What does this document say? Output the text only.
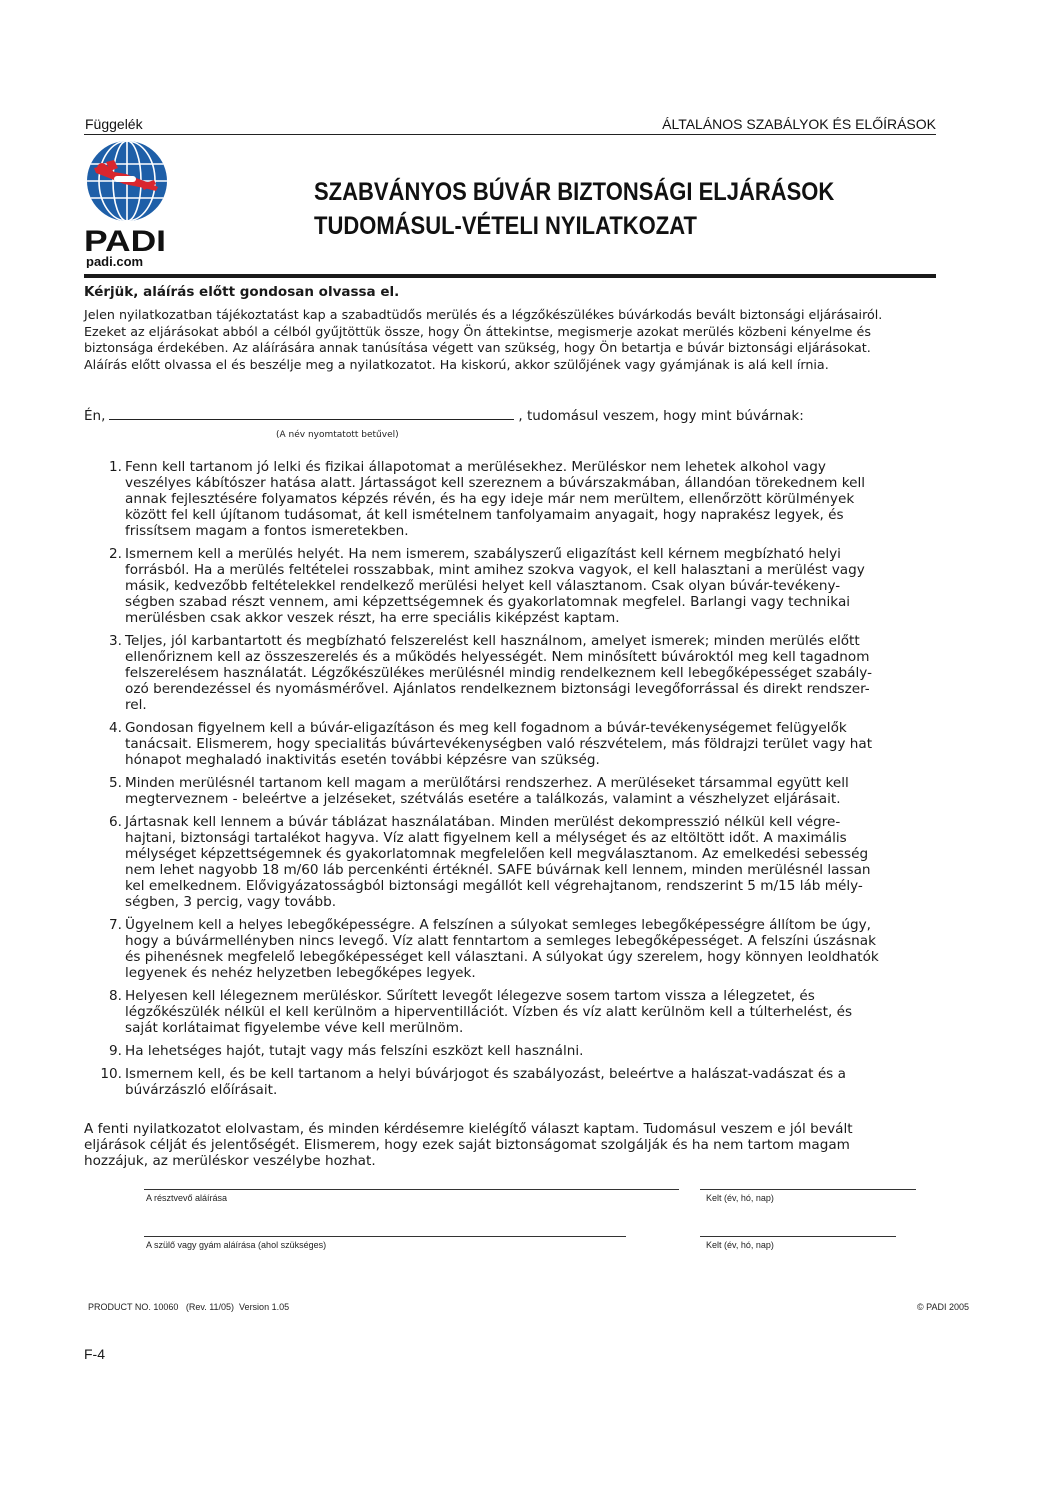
Függelék	ÁLTALÁNOS SZABÁLYOK ÉS ELŐÍRÁSOK
PADI
padi.com
SZABVÁNYOS BÚVÁR BIZTONSÁGI ELJÁRÁSOK
TUDOMÁSUL-VÉTELI NYILATKOZAT
Kérjük, aláírás előtt gondosan olvassa el.

Jelen nyilatkozatban tájékoztatást kap a szabadtüdős merülés és a légzőkészülékes búvárkodás bevált biztonsági eljárásairól.

Ezeket az eljárásokat abból a célból gyűjtöttük össze, hogy Ön áttekintse, megismerje azokat merülés közbeni kényelme és

biztonsága érdekében. Az aláírására annak tanúsítása végett van szükség, hogy Ön betartja e búvár biztonsági eljárásokat.

Aláírás előtt olvassa el és beszélje meg a nyilatkozatot. Ha kiskorú, akkor szülőjének vagy gyámjának is alá kell írnia.

Én,	, tudomásul veszem, hogy mint búvárnak:
(A név nyomtatott betűvel)
1. Fenn kell tartanom jó lelki és fizikai állapotomat a merülésekhez. Merüléskor nem lehetek alkohol vagy
veszélyes kábítószer hatása alatt. Jártasságot kell szereznem a búvárszakmában, állandóan törekednem kell
annak fejlesztésére folyamatos képzés révén, és ha egy ideje már nem merültem, ellenőrzött körülmények
között fel kell újítanom tudásomat, át kell ismételnem tanfolyamaim anyagait, hogy naprakész legyek, és
frissítsem magam a fontos ismeretekben.
2. Ismernem kell a merülés helyét. Ha nem ismerem, szabályszerű eligazítást kell kérnem megbízható helyi
forrásból. Ha a merülés feltételei rosszabbak, mint amihez szokva vagyok, el kell halasztani a merülést vagy
másik, kedvezőbb feltételekkel rendelkező merülési helyet kell választanom. Csak olyan búvár-tevékeny-
ségben szabad részt vennem, ami képzettségemnek és gyakorlatomnak megfelel. Barlangi vagy technikai
merülésben csak akkor veszek részt, ha erre speciális kiképzést kaptam.
3. Teljes, jól karbantartott és megbízható felszerelést kell használnom, amelyet ismerek; minden merülés előtt
ellenőriznem kell az összeszerelés és a működés helyességét. Nem minősített búvároktól meg kell tagadnom
felszerelésem használatát. Légzőkészülékes merülésnél mindig rendelkeznem kell lebegőképességet szabály-
ozó berendezéssel és nyomásmérővel. Ajánlatos rendelkeznem biztonsági levegőforrással és direkt rendszer-
rel.
4. Gondosan figyelnem kell a búvár-eligazításon és meg kell fogadnom a búvár-tevékenységemet felügyelők
tanácsait. Elismerem, hogy specialitás búvártevékenységben való részvételem, más földrajzi terület vagy hat
hónapot meghaladó inaktivitás esetén további képzésre van szükség.
5. Minden merülésnél tartanom kell magam a merülőtársi rendszerhez. A merüléseket társammal együtt kell
megterveznem - beleértve a jelzéseket, szétválás esetére a találkozás, valamint a vészhelyzet eljárásait.
6. Jártasnak kell lennem a búvár táblázat használatában. Minden merülést dekompresszió nélkül kell végre-
hajtani, biztonsági tartalékot hagyva. Víz alatt figyelnem kell a mélységet és az eltöltött időt. A maximális
mélységet képzettségemnek és gyakorlatomnak megfelelően kell megválasztanom. Az emelkedési sebesség
nem lehet nagyobb 18 m/60 láb percenkénti értéknél. SAFE búvárnak kell lennem, minden merülésnél lassan
kel emelkednem. Elővigyázatosságból biztonsági megállót kell végrehajtanom, rendszerint 5 m/15 láb mély-
ségben, 3 percig, vagy tovább.
7. Ügyelnem kell a helyes lebegőképességre. A felszínen a súlyokat semleges lebegőképességre állítom be úgy,
hogy a búvármellényben nincs levegő. Víz alatt fenntartom a semleges lebegőképességet. A felszíni úszásnak
és pihenésnek megfelelő lebegőképességet kell választani. A súlyokat úgy szerelem, hogy könnyen leoldhatók
legyenek és nehéz helyzetben lebegőképes legyek.
8. Helyesen kell lélegeznem merüléskor. Sűrített levegőt lélegezve sosem tartom vissza a lélegzetet, és
légzőkészülék nélkül el kell kerülnöm a hiperventillációt. Vízben és víz alatt kerülnöm kell a túlterhelést, és
saját korlátaimat figyelembe véve kell merülnöm.
9. Ha lehetséges hajót, tutajt vagy más felszíni eszközt kell használni.
10. Ismernem kell, és be kell tartanom a helyi búvárjogot és szabályozást, beleértve a halászat-vadászat és a
búvárzászló előírásait.
A fenti nyilatkozatot elolvastam, és minden kérdésemre kielégítő választ kaptam. Tudomásul veszem e jól bevált
eljárások célját és jelentőségét. Elismerem, hogy ezek saját biztonságomat szolgálják és ha nem tartom magam
hozzájuk, az merüléskor veszélybe hozhat.
A résztvevő aláírása	Kelt (év, hó, nap)
A szülő vagy gyám aláírása (ahol szükséges)	Kelt (év, hó, nap)
PRODUCT NO. 10060   (Rev. 11/05)  Version 1.05	© PADI 2005
F-4
